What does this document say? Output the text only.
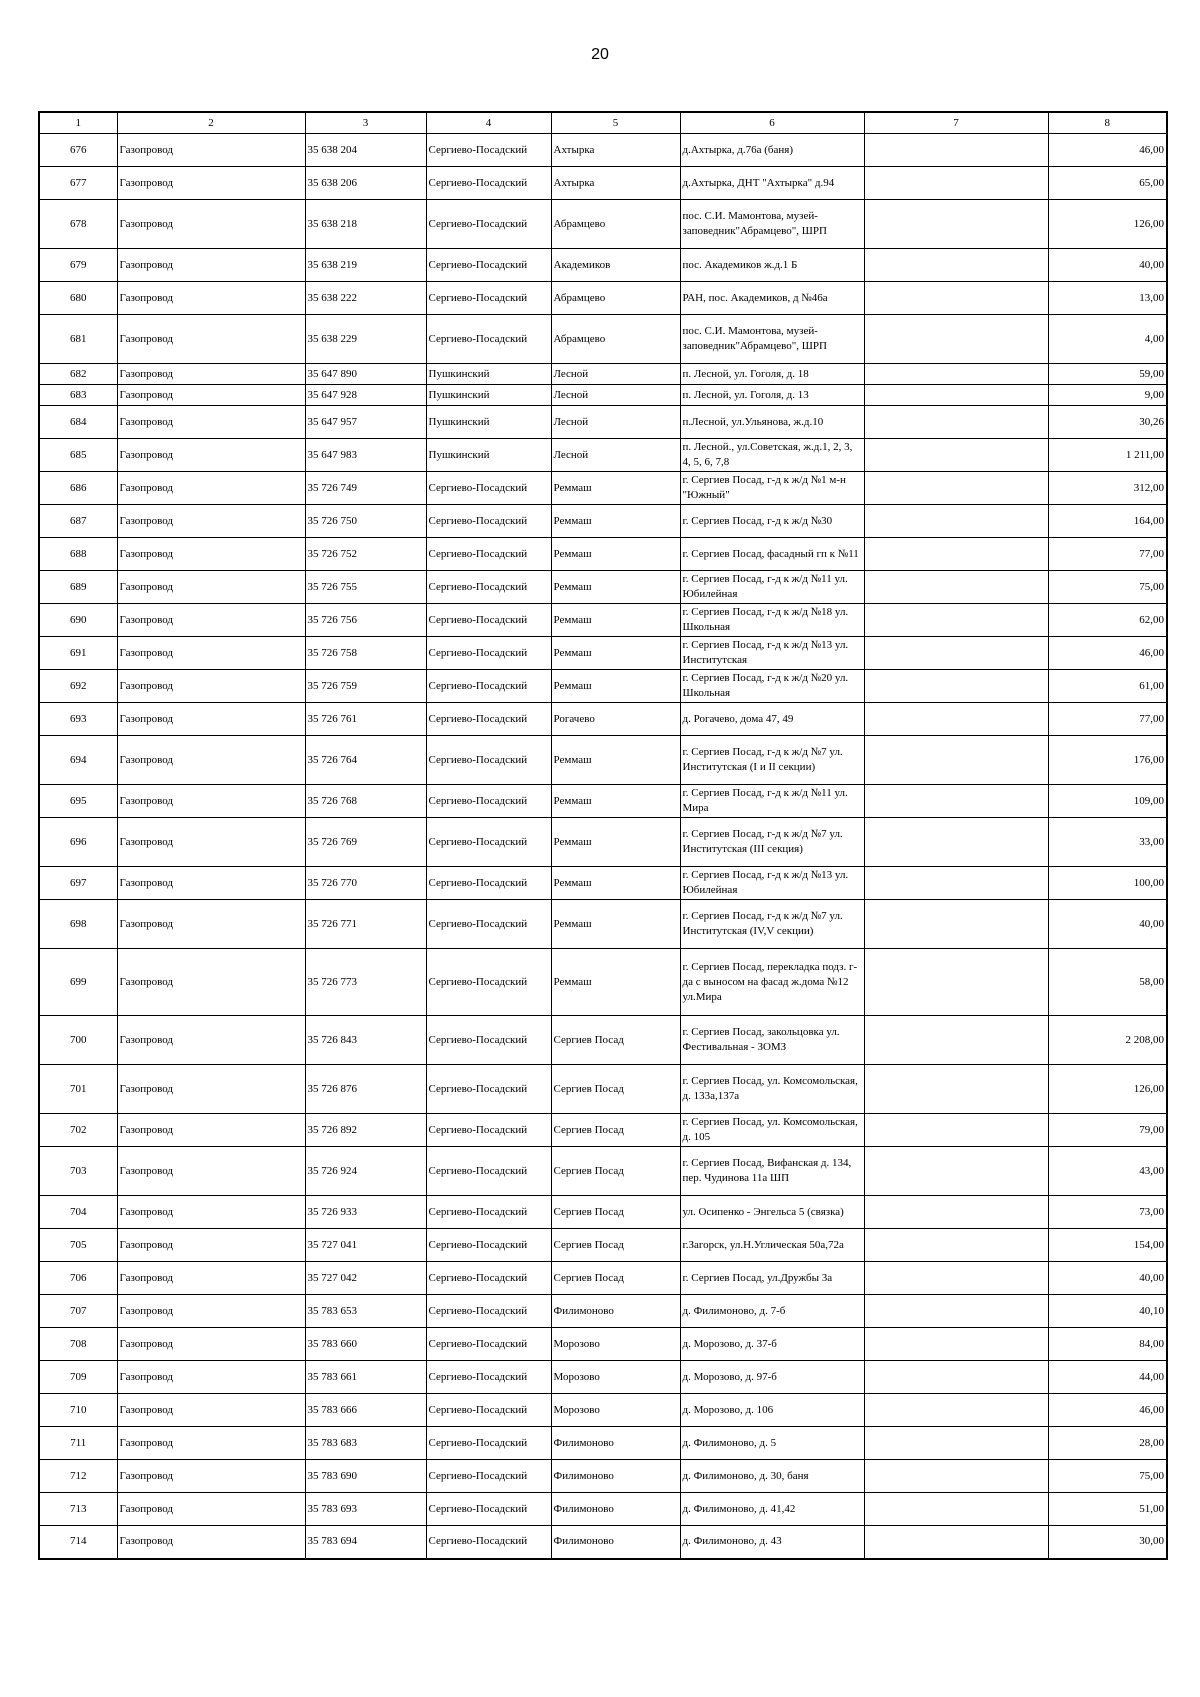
20
1	2	3	4	5	6	7	8
676	Газопровод	35 638 204	Сергиево-Посадский	Ахтырка	д.Ахтырка, д.76а (баня)		46,00
677	Газопровод	35 638 206	Сергиево-Посадский	Ахтырка	д.Ахтырка, ДНТ "Ахтырка" д.94		65,00
678	Газопровод	35 638 218	Сергиево-Посадский	Абрамцево	пос. С.И. Мамонтова, музей-заповедник"Абрамцево", ШРП		126,00
679	Газопровод	35 638 219	Сергиево-Посадский	Академиков	пос. Академиков ж.д.1 Б		40,00
680	Газопровод	35 638 222	Сергиево-Посадский	Абрамцево	РАН, пос. Академиков, д №46а		13,00
681	Газопровод	35 638 229	Сергиево-Посадский	Абрамцево	пос. С.И. Мамонтова, музей-заповедник"Абрамцево", ШРП		4,00
682	Газопровод	35 647 890	Пушкинский	Лесной	п. Лесной, ул. Гоголя, д. 18		59,00
683	Газопровод	35 647 928	Пушкинский	Лесной	п. Лесной, ул. Гоголя, д. 13		9,00
684	Газопровод	35 647 957	Пушкинский	Лесной	п.Лесной, ул.Ульянова, ж.д.10		30,26
685	Газопровод	35 647 983	Пушкинский	Лесной	п. Лесной., ул.Советская, ж.д.1, 2, 3, 4, 5, 6, 7,8		1 211,00
686	Газопровод	35 726 749	Сергиево-Посадский	Реммаш	г. Сергиев Посад, г-д к ж/д №1 м-н "Южный"		312,00
687	Газопровод	35 726 750	Сергиево-Посадский	Реммаш	г. Сергиев Посад, г-д к ж/д №30		164,00
688	Газопровод	35 726 752	Сергиево-Посадский	Реммаш	г. Сергиев Посад, фасадный гп к №11		77,00
689	Газопровод	35 726 755	Сергиево-Посадский	Реммаш	г. Сергиев Посад, г-д к ж/д №11 ул. Юбилейная		75,00
690	Газопровод	35 726 756	Сергиево-Посадский	Реммаш	г. Сергиев Посад, г-д к ж/д №18 ул. Школьная		62,00
691	Газопровод	35 726 758	Сергиево-Посадский	Реммаш	г. Сергиев Посад, г-д к ж/д №13 ул. Институтская		46,00
692	Газопровод	35 726 759	Сергиево-Посадский	Реммаш	г. Сергиев Посад, г-д к ж/д №20 ул. Школьная		61,00
693	Газопровод	35 726 761	Сергиево-Посадский	Рогачево	д. Рогачево, дома 47, 49		77,00
694	Газопровод	35 726 764	Сергиево-Посадский	Реммаш	г. Сергиев Посад, г-д к ж/д №7 ул. Институтская (I и II секции)		176,00
695	Газопровод	35 726 768	Сергиево-Посадский	Реммаш	г. Сергиев Посад, г-д к ж/д №11 ул. Мира		109,00
696	Газопровод	35 726 769	Сергиево-Посадский	Реммаш	г. Сергиев Посад, г-д к ж/д №7 ул. Институтская (III секция)		33,00
697	Газопровод	35 726 770	Сергиево-Посадский	Реммаш	г. Сергиев Посад, г-д к ж/д №13 ул. Юбилейная		100,00
698	Газопровод	35 726 771	Сергиево-Посадский	Реммаш	г. Сергиев Посад, г-д к ж/д №7 ул. Институтская (IV,V секции)		40,00
699	Газопровод	35 726 773	Сергиево-Посадский	Реммаш	г. Сергиев Посад, перекладка подз. г-да с выносом на фасад ж.дома №12 ул.Мира		58,00
700	Газопровод	35 726 843	Сергиево-Посадский	Сергиев Посад	г. Сергиев Посад, закольцовка ул. Фестивальная - ЗОМЗ		2 208,00
701	Газопровод	35 726 876	Сергиево-Посадский	Сергиев Посад	г. Сергиев Посад, ул. Комсомольская, д. 133а,137а		126,00
702	Газопровод	35 726 892	Сергиево-Посадский	Сергиев Посад	г. Сергиев Посад, ул. Комсомольская, д. 105		79,00
703	Газопровод	35 726 924	Сергиево-Посадский	Сергиев Посад	г. Сергиев Посад, Вифанская д. 134, пер. Чудинова 11а ШП		43,00
704	Газопровод	35 726 933	Сергиево-Посадский	Сергиев Посад	ул. Осипенко - Энгельса 5 (связка)		73,00
705	Газопровод	35 727 041	Сергиево-Посадский	Сергиев Посад	г.Загорск, ул.Н.Углическая 50а,72а		154,00
706	Газопровод	35 727 042	Сергиево-Посадский	Сергиев Посад	г. Сергиев Посад, ул.Дружбы 3а		40,00
707	Газопровод	35 783 653	Сергиево-Посадский	Филимоново	д. Филимоново, д. 7-б		40,10
708	Газопровод	35 783 660	Сергиево-Посадский	Морозово	д. Морозово, д. 37-б		84,00
709	Газопровод	35 783 661	Сергиево-Посадский	Морозово	д. Морозово, д. 97-б		44,00
710	Газопровод	35 783 666	Сергиево-Посадский	Морозово	д. Морозово, д. 106		46,00
711	Газопровод	35 783 683	Сергиево-Посадский	Филимоново	д. Филимоново, д. 5		28,00
712	Газопровод	35 783 690	Сергиево-Посадский	Филимоново	д. Филимоново, д. 30, баня		75,00
713	Газопровод	35 783 693	Сергиево-Посадский	Филимоново	д. Филимоново, д. 41,42		51,00
714	Газопровод	35 783 694	Сергиево-Посадский	Филимоново	д. Филимоново, д. 43		30,00
